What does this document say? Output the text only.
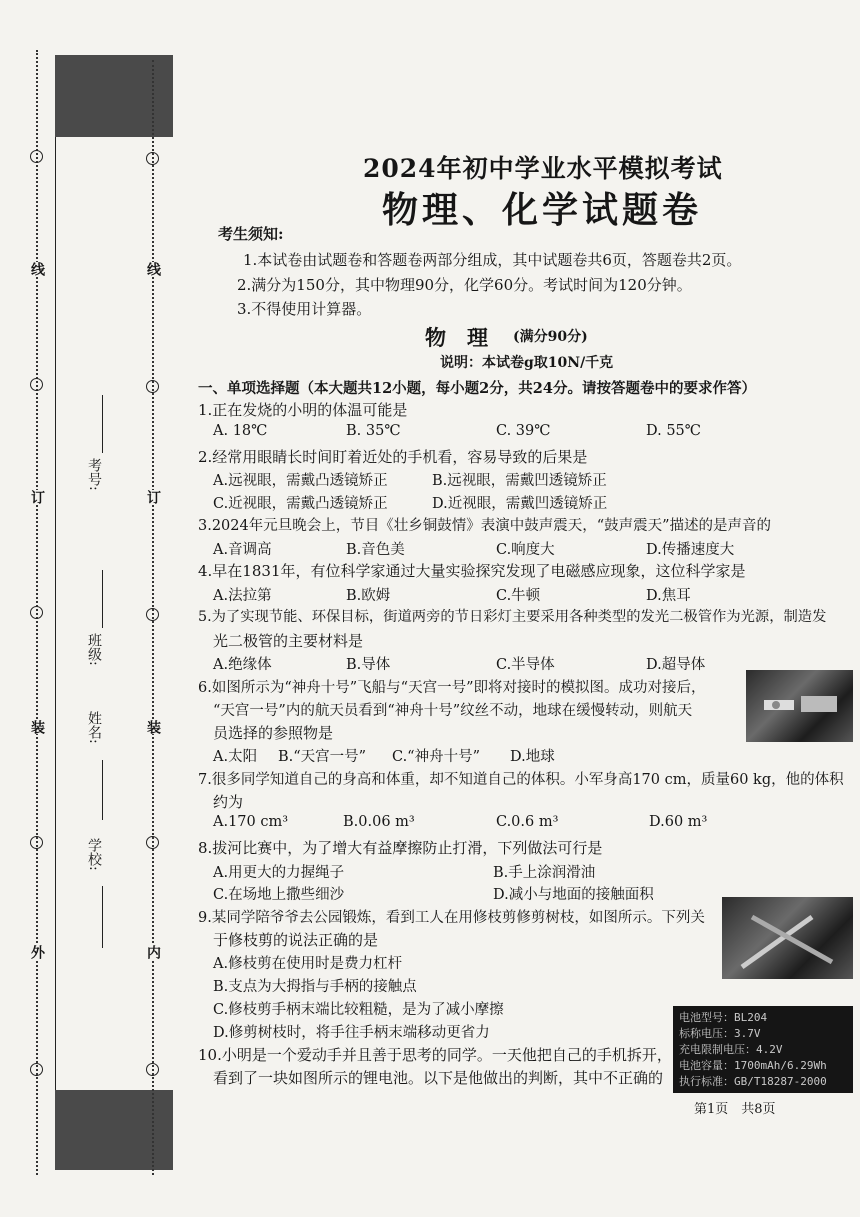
线
订
装
外
线
订
装
内
考号:
班级:
姓名:
学校:
2024年初中学业水平模拟考试
物理、化学试题卷
考生须知:
1.本试卷由试题卷和答题卷两部分组成，其中试题卷共6页，答题卷共2页。
2.满分为150分，其中物理90分，化学60分。考试时间为120分钟。
3.不得使用计算器。
物　理 (满分90分)
说明：本试卷g取10N/千克
一、单项选择题（本大题共12小题，每小题2分，共24分。请按答题卷中的要求作答）
1.正在发烧的小明的体温可能是
A. 18℃	B. 35℃	C. 39℃	D. 55℃
2.经常用眼睛长时间盯着近处的手机看，容易导致的后果是
A.远视眼，需戴凸透镜矫正	B.远视眼，需戴凹透镜矫正
C.近视眼，需戴凸透镜矫正	D.近视眼，需戴凹透镜矫正
3.2024年元旦晚会上，节目《壮乡铜鼓情》表演中鼓声震天，“鼓声震天”描述的是声音的
A.音调高	B.音色美	C.响度大	D.传播速度大
4.早在1831年，有位科学家通过大量实验探究发现了电磁感应现象，这位科学家是
A.法拉第	B.欧姆	C.牛顿	D.焦耳
5.为了实现节能、环保目标，街道两旁的节日彩灯主要采用各种类型的发光二极管作为光源，制造发
光二极管的主要材料是
A.绝缘体	B.导体	C.半导体	D.超导体
6.如图所示为“神舟十号”飞船与“天宫一号”即将对接时的模拟图。成功对接后，
“天宫一号”内的航天员看到“神舟十号”纹丝不动，地球在缓慢转动，则航天
员选择的参照物是
A.太阳 B.“天宫一号” C.“神舟十号” D.地球
7.很多同学知道自己的身高和体重，却不知道自己的体积。小军身高170 cm，质量60 kg，他的体积
约为
A.170 cm³	B.0.06 m³	C.0.6 m³	D.60 m³
8.拔河比赛中，为了增大有益摩擦防止打滑，下列做法可行是
A.用更大的力握绳子	B.手上涂润滑油
C.在场地上撒些细沙	D.减小与地面的接触面积
9.某同学陪爷爷去公园锻炼，看到工人在用修枝剪修剪树枝，如图所示。下列关
于修枝剪的说法正确的是
A.修枝剪在使用时是费力杠杆
B.支点为大拇指与手柄的接触点
C.修枝剪手柄末端比较粗糙，是为了减小摩擦
D.修剪树枝时，将手往手柄末端移动更省力
10.小明是一个爱动手并且善于思考的同学。一天他把自己的手机拆开，
看到了一块如图所示的锂电池。以下是他做出的判断，其中不正确的
电池型号：BL204
标称电压：3.7V
充电限制电压：4.2V
电池容量：1700mAh/6.29Wh
执行标准：GB/T18287-2000
第1页　共8页
